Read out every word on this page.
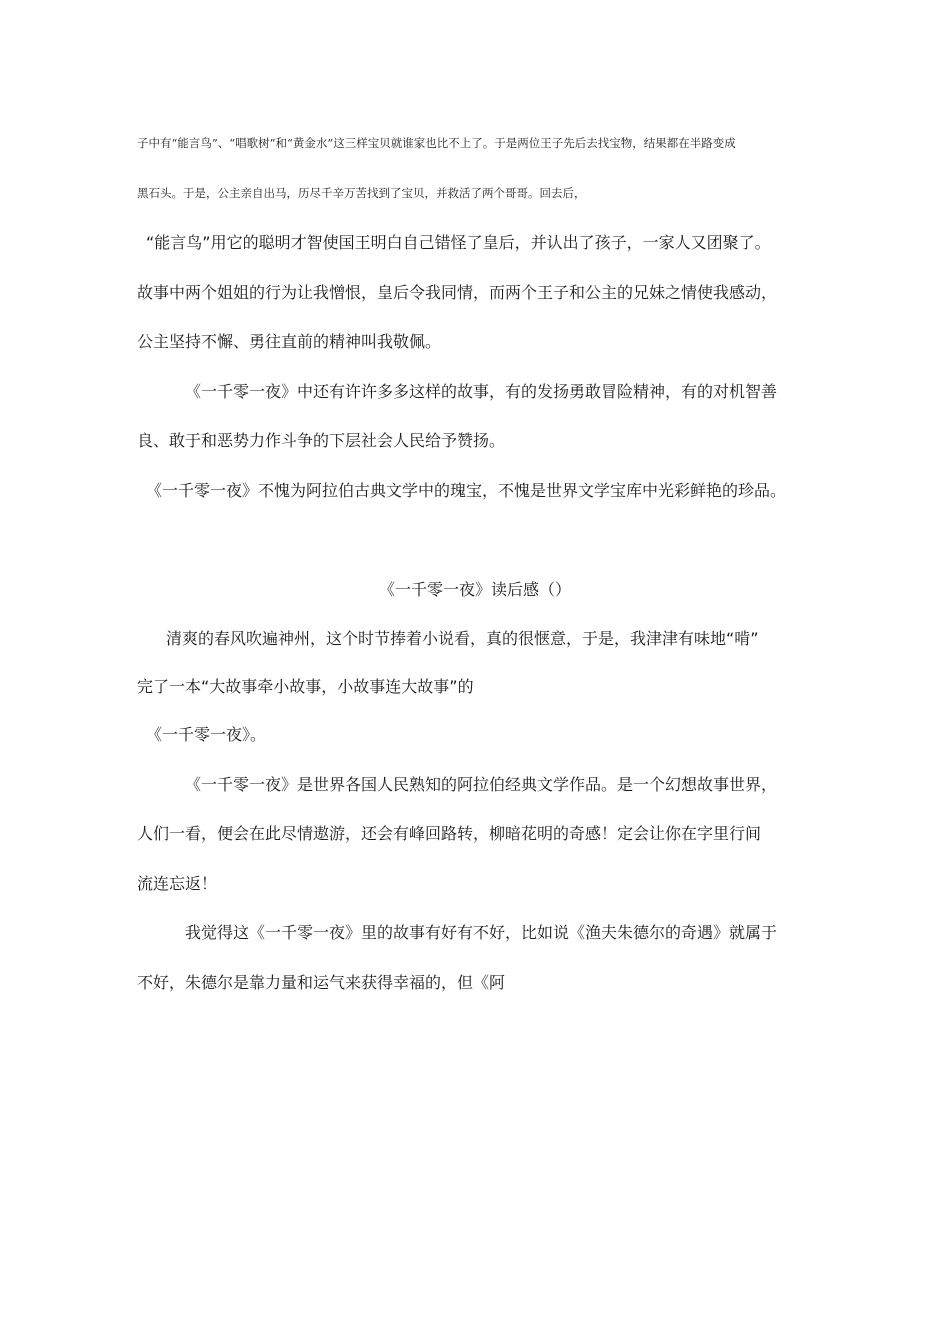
子中有“能言鸟”、“唱歌树”和“黄金水”这三样宝贝就谁家也比不上了。于是两位王子先后去找宝物，结果都在半路变成
黑石头。于是，公主亲自出马，历尽千辛万苦找到了宝贝，并救活了两个哥哥。回去后，
“能言鸟”用它的聪明才智使国王明白自己错怪了皇后，并认出了孩子，一家人又团聚了。
故事中两个姐姐的行为让我憎恨，皇后令我同情，而两个王子和公主的兄妹之情使我感动，
公主坚持不懈、勇往直前的精神叫我敬佩。
《一千零一夜》中还有许许多多这样的故事，有的发扬勇敢冒险精神，有的对机智善
良、敢于和恶势力作斗争的下层社会人民给予赞扬。
《一千零一夜》不愧为阿拉伯古典文学中的瑰宝，不愧是世界文学宝库中光彩鲜艳的珍品。
《一千零一夜》读后感（）
清爽的春风吹遍神州，这个时节捧着小说看，真的很惬意，于是，我津津有味地“啃”
完了一本“大故事牵小故事，小故事连大故事”的
《一千零一夜》。
《一千零一夜》是世界各国人民熟知的阿拉伯经典文学作品。是一个幻想故事世界，
人们一看，便会在此尽情遨游，还会有峰回路转，柳暗花明的奇感！定会让你在字里行间
流连忘返！
我觉得这《一千零一夜》里的故事有好有不好，比如说《渔夫朱德尔的奇遇》就属于
不好，朱德尔是靠力量和运气来获得幸福的，但《阿
